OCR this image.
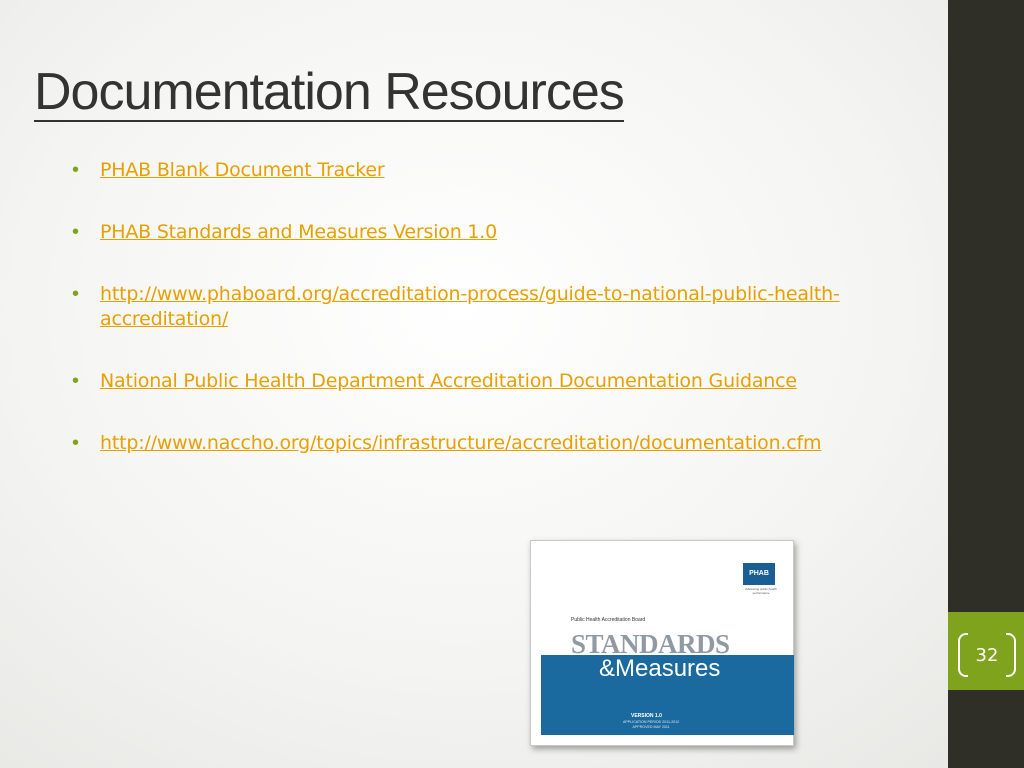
Documentation Resources
• PHAB Blank Document Tracker
• PHAB Standards and Measures Version 1.0
• http://www.phaboard.org/accreditation-process/guide-to-national-public-health-accreditation/
• National Public Health Department Accreditation Documentation Guidance
• http://www.naccho.org/topics/infrastructure/accreditation/documentation.cfm
PHAB
Advancing public health performance
Public Health Accreditation Board
STANDARDS
&Measures
VERSION 1.0
APPLICATION PERIOD 2011-2012
APPROVED MAY 2011
32
